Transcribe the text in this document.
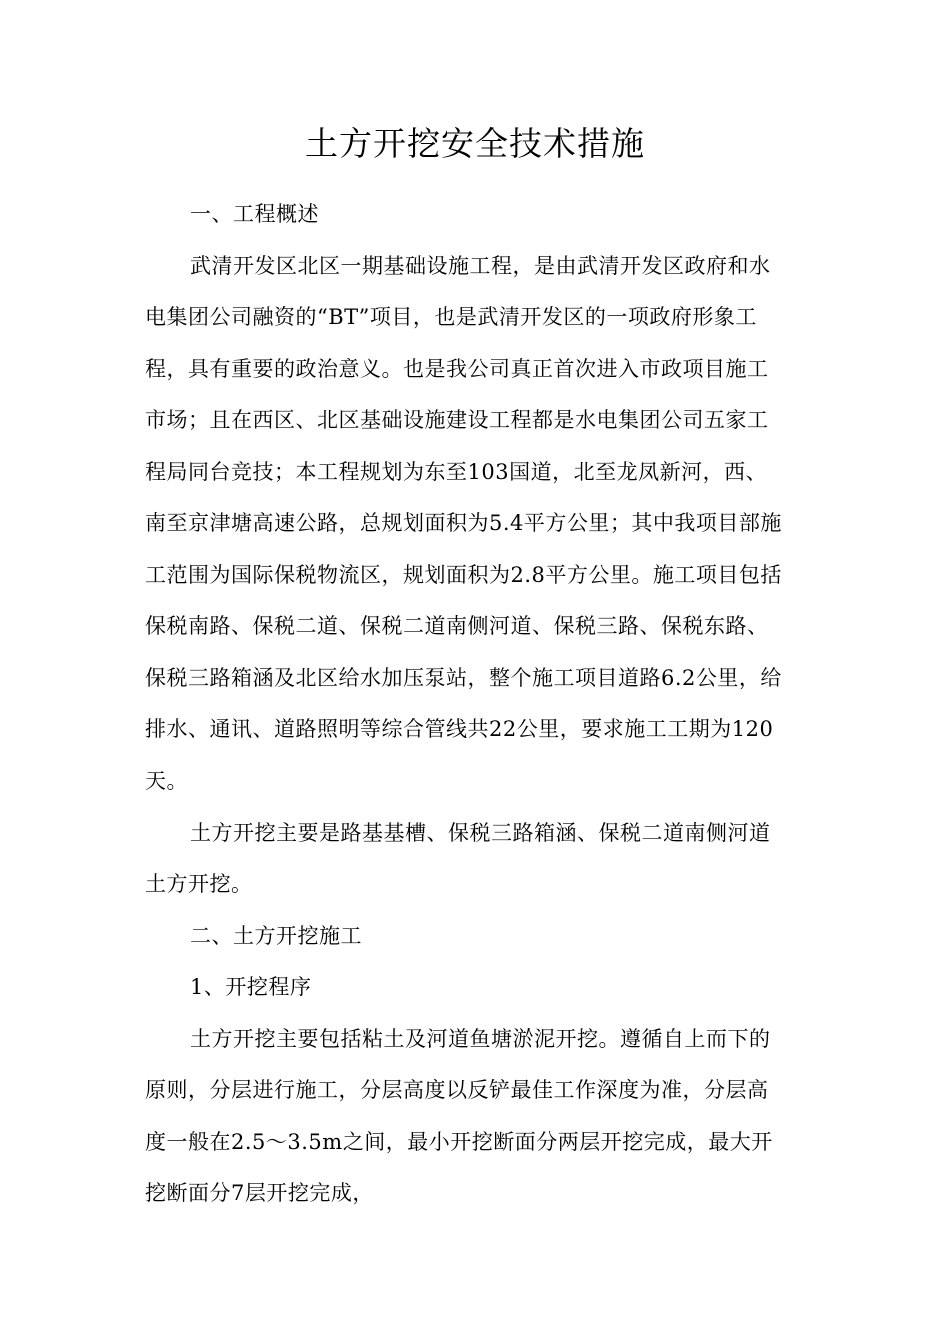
土方开挖安全技术措施
一、工程概述
武清开发区北区一期基础设施工程，是由武清开发区政府和水
电集团公司融资的“BT”项目，也是武清开发区的一项政府形象工
程，具有重要的政治意义。也是我公司真正首次进入市政项目施工
市场；且在西区、北区基础设施建设工程都是水电集团公司五家工
程局同台竞技；本工程规划为东至103国道，北至龙凤新河，西、
南至京津塘高速公路，总规划面积为5.4平方公里；其中我项目部施
工范围为国际保税物流区，规划面积为2.8平方公里。施工项目包括
保税南路、保税二道、保税二道南侧河道、保税三路、保税东路、
保税三路箱涵及北区给水加压泵站，整个施工项目道路6.2公里，给
排水、通讯、道路照明等综合管线共22公里，要求施工工期为120
天。
土方开挖主要是路基基槽、保税三路箱涵、保税二道南侧河道
土方开挖。
二、土方开挖施工
1、开挖程序
土方开挖主要包括粘土及河道鱼塘淤泥开挖。遵循自上而下的
原则，分层进行施工，分层高度以反铲最佳工作深度为准，分层高
度一般在2.5～3.5m之间，最小开挖断面分两层开挖完成，最大开
挖断面分7层开挖完成，
